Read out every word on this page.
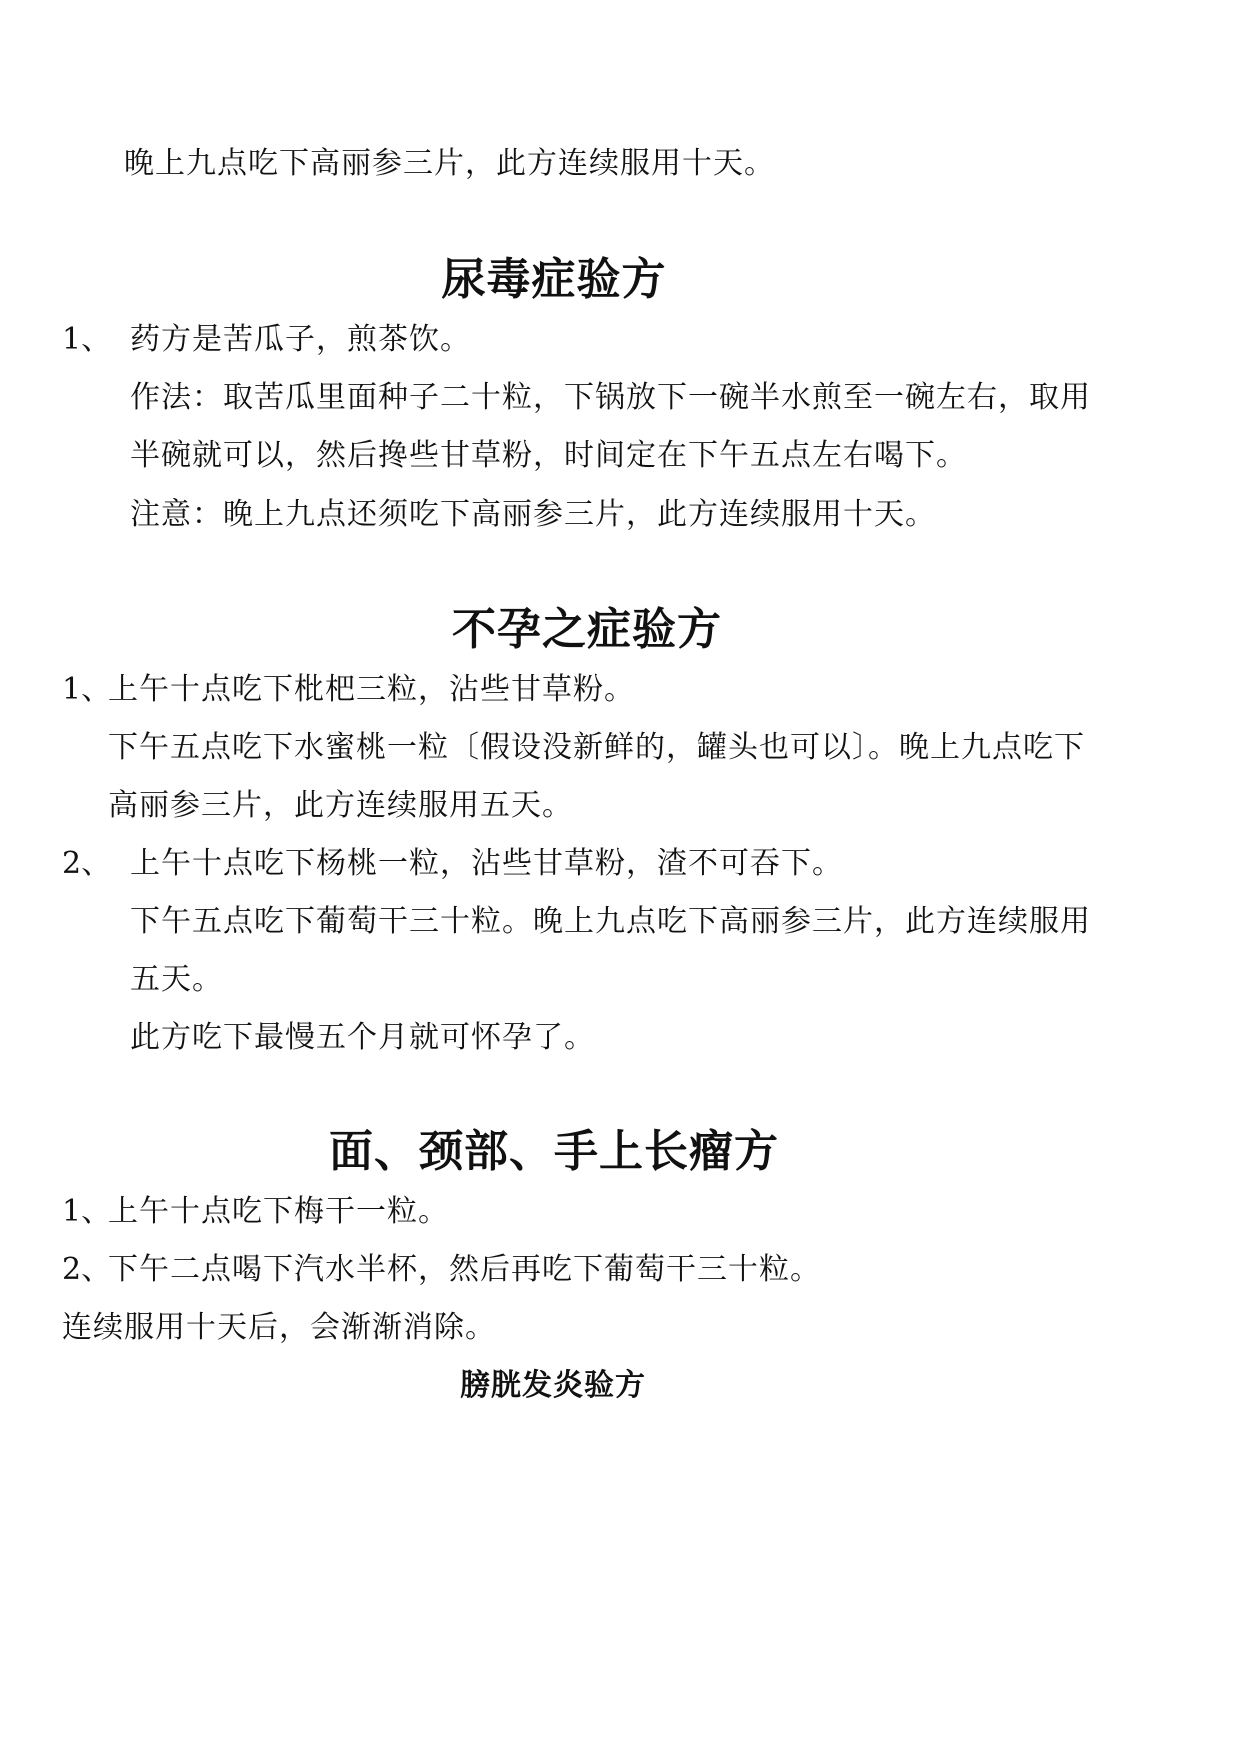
晚上九点吃下高丽参三片，此方连续服用十天。
尿毒症验方
1、 药方是苦瓜子，煎茶饮。
作法：取苦瓜里面种子二十粒，下锅放下一碗半水煎至一碗左右，取用
半碗就可以，然后搀些甘草粉，时间定在下午五点左右喝下。
注意：晚上九点还须吃下高丽参三片，此方连续服用十天。
不孕之症验方
1、
上午十点吃下枇杷三粒，沾些甘草粉。
下午五点吃下水蜜桃一粒〔假设没新鲜的，罐头也可以〕。晚上九点吃下
高丽参三片，此方连续服用五天。
2、 上午十点吃下杨桃一粒，沾些甘草粉，渣不可吞下。
下午五点吃下葡萄干三十粒。晚上九点吃下高丽参三片，此方连续服用
五天。
此方吃下最慢五个月就可怀孕了。
面、颈部、手上长瘤方
1、
上午十点吃下梅干一粒。
2、
下午二点喝下汽水半杯，然后再吃下葡萄干三十粒。
连续服用十天后，会渐渐消除。
膀胱发炎验方
